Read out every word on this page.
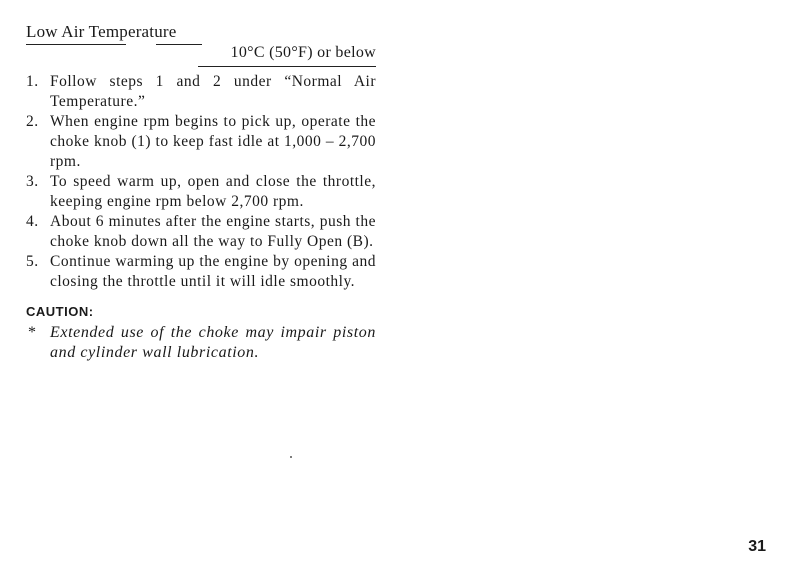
Low Air Temperature
10°C (50°F) or below
1. Follow steps 1 and 2 under “Normal Air Temperature.”
2. When engine rpm begins to pick up, operate the choke knob (1) to keep fast idle at 1,000 – 2,700 rpm.
3. To speed warm up, open and close the throttle, keeping engine rpm below 2,700 rpm.
4. About 6 minutes after the engine starts, push the choke knob down all the way to Fully Open (B).
5. Continue warming up the engine by opening and closing the throttle until it will idle smoothly.
CAUTION:
* Extended use of the choke may impair piston and cylinder wall lubrication.
31
